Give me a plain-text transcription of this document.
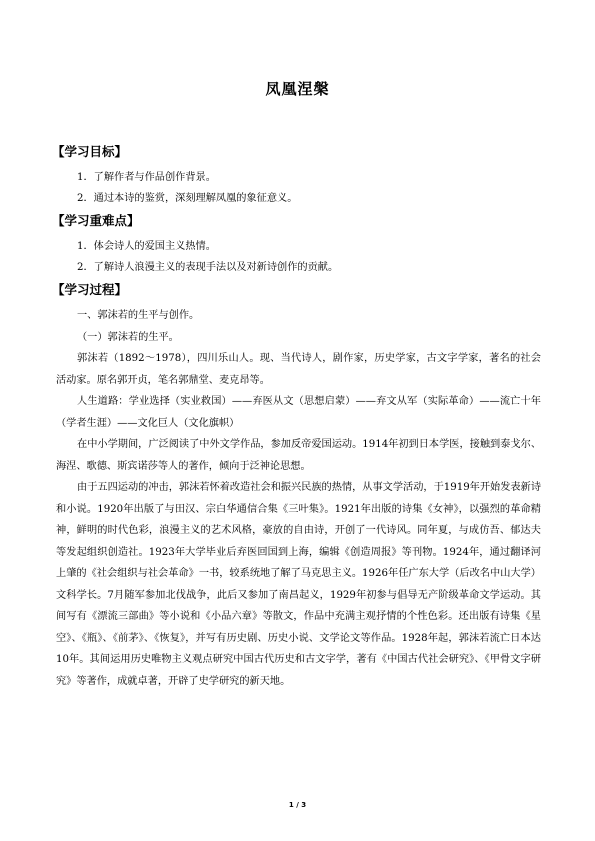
凤凰涅槃
【学习目标】
1．了解作者与作品创作背景。
2．通过本诗的鉴赏，深刻理解凤凰的象征意义。
【学习重难点】
1．体会诗人的爱国主义热情。
2．了解诗人浪漫主义的表现手法以及对新诗创作的贡献。
【学习过程】

一、郭沫若的生平与创作。

（一）郭沫若的生平。

郭沫若（1892～1978），四川乐山人。现、当代诗人，剧作家，历史学家，古文字学家，著名的社会活动家。原名郭开贞，笔名郭鼎堂、麦克昂等。

人生道路：学业选择（实业救国）——弃医从文（思想启蒙）——弃文从军（实际革命）——流亡十年（学者生涯）——文化巨人（文化旗帜）

在中小学期间，广泛阅读了中外文学作品，参加反帝爱国运动。1914年初到日本学医，接触到泰戈尔、海涅、歌德、斯宾诺莎等人的著作，倾向于泛神论思想。

由于五四运动的冲击，郭沫若怀着改造社会和振兴民族的热情，从事文学活动，于1919年开始发表新诗和小说。1920年出版了与田汉、宗白华通信合集《三叶集》。1921年出版的诗集《女神》，以强烈的革命精神，鲜明的时代色彩，浪漫主义的艺术风格，豪放的自由诗，开创了一代诗风。同年夏，与成仿吾、郁达夫等发起组织创造社。1923年大学毕业后弃医回国到上海，编辑《创造周报》等刊物。1924年，通过翻译河上肇的《社会组织与社会革命》一书，较系统地了解了马克思主义。1926年任广东大学（后改名中山大学）文科学长。7月随军参加北伐战争，此后又参加了南昌起义，1929年初参与倡导无产阶级革命文学运动。其间写有《漂流三部曲》等小说和《小品六章》等散文，作品中充满主观抒情的个性色彩。还出版有诗集《星空》、《瓶》、《前茅》、《恢复》，并写有历史剧、历史小说、文学论文等作品。1928年起，郭沫若流亡日本达10年。其间运用历史唯物主义观点研究中国古代历史和古文字学，著有《中国古代社会研究》、《甲骨文字研究》等著作，成就卓著，开辟了史学研究的新天地。

1 / 3
